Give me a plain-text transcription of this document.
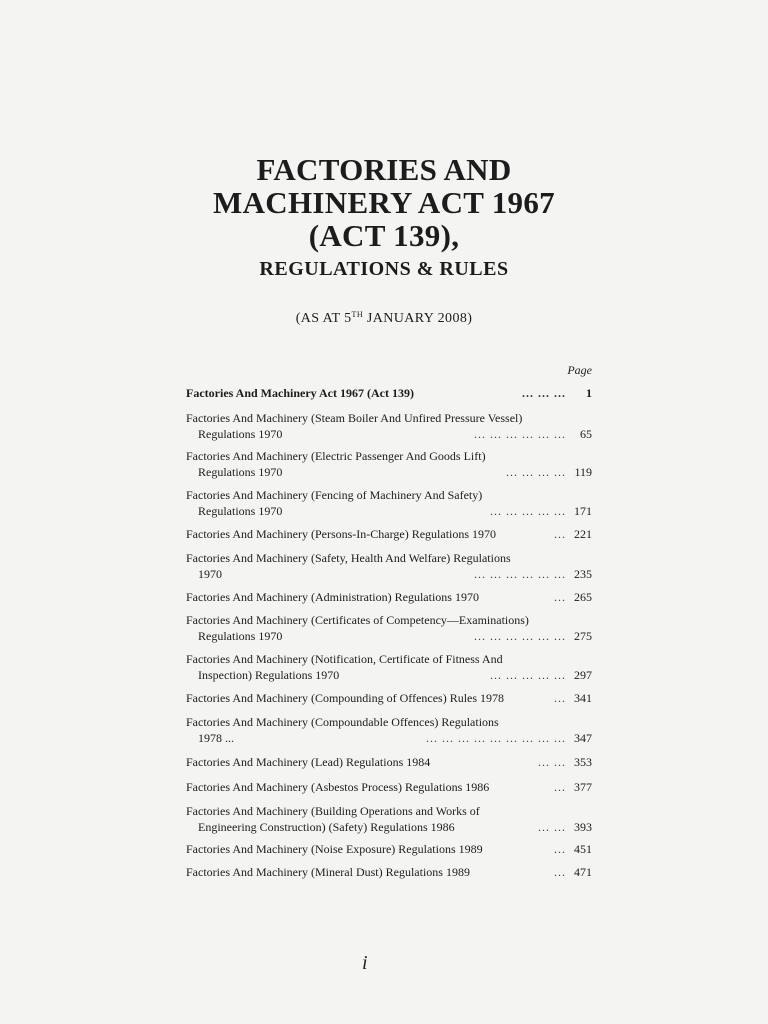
FACTORIES AND
MACHINERY ACT 1967
(ACT 139),
REGULATIONS & RULES
(AS AT 5TH JANUARY 2008)
Page
Factories And Machinery Act 1967 (Act 139)	... ... ...	1
Factories And Machinery (Steam Boiler And Unfired Pressure Vessel)
Regulations 1970	... ... ... ... ... ...	65
Factories And Machinery (Electric Passenger And Goods Lift)
Regulations 1970	... ... ... ... 119
Factories And Machinery (Fencing of Machinery And Safety)
Regulations 1970	... ... ... ... ... 171
Factories And Machinery (Persons-In-Charge) Regulations 1970	... 221
Factories And Machinery (Safety, Health And Welfare) Regulations
1970	... ... ... ... ... ... 235
Factories And Machinery (Administration) Regulations 1970	... 265
Factories And Machinery (Certificates of Competency—Examinations)
Regulations 1970	... ... ... ... ... ... 275
Factories And Machinery (Notification, Certificate of Fitness And
Inspection) Regulations 1970	... ... ... ... ... 297
Factories And Machinery (Compounding of Offences) Rules 1978	... 341
Factories And Machinery (Compoundable Offences) Regulations
1978 ...	... ... ... ... ... ... ... ... ... 347
Factories And Machinery (Lead) Regulations 1984	... ... 353
Factories And Machinery (Asbestos Process) Regulations 1986	... 377
Factories And Machinery (Building Operations and Works of
Engineering Construction) (Safety) Regulations 1986	... ... 393
Factories And Machinery (Noise Exposure) Regulations 1989	... 451
Factories And Machinery (Mineral Dust) Regulations 1989	... 471
i
